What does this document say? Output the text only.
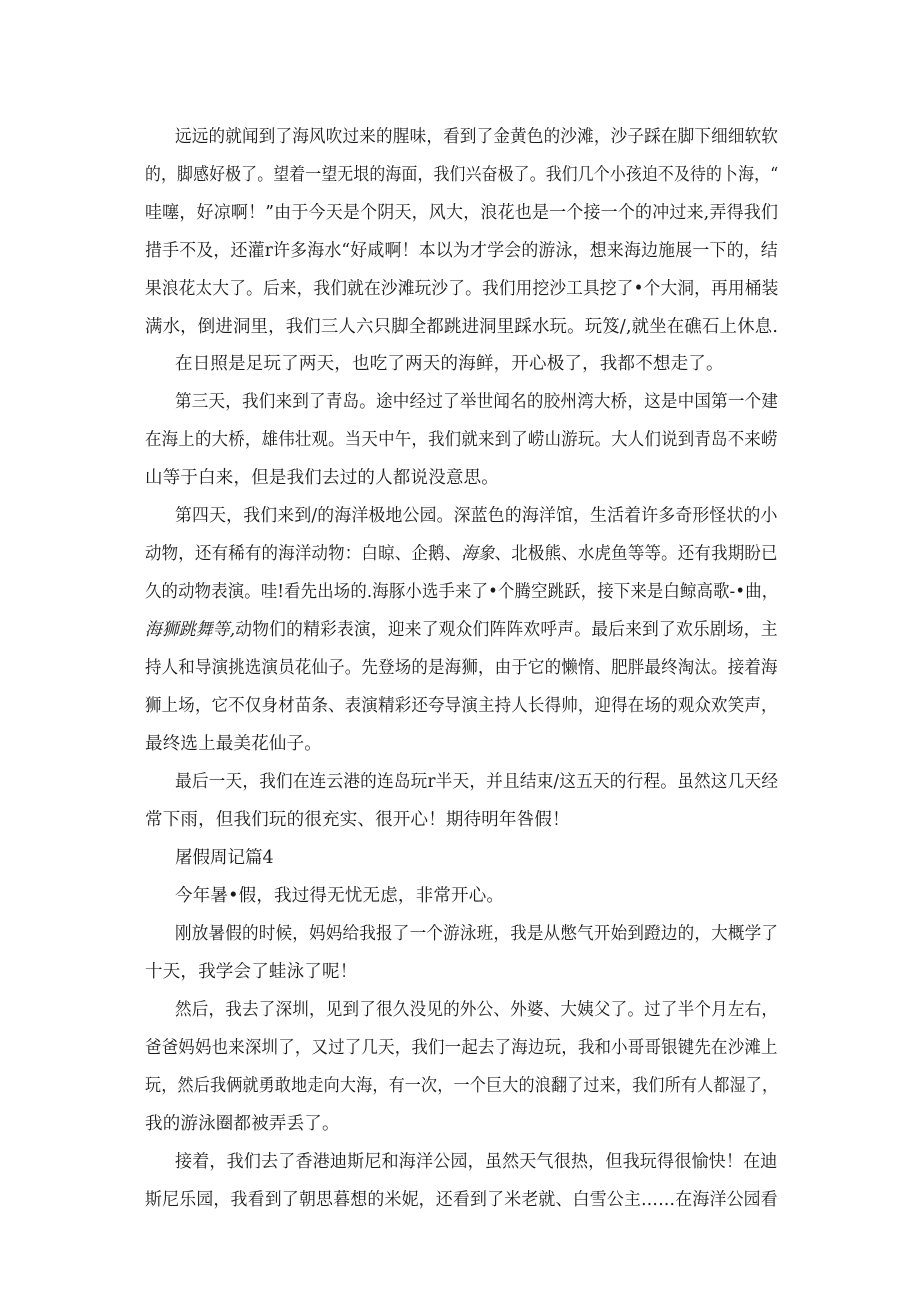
远远的就闻到了海风吹过来的腥味，看到了金黄色的沙滩，沙子踩在脚下细细软软
的，脚感好极了。望着一望无垠的海面，我们兴奋极了。我们几个小孩迫不及待的卜海，“
哇噻，好凉啊！”由于今天是个阴天，风大，浪花也是一个接一个的冲过来,弄得我们
措手不及，还灌r许多海水“好咸啊！本以为才学会的游泳，想来海边施展一下的，结
果浪花太大了。后来，我们就在沙滩玩沙了。我们用挖沙工具挖了•个大洞，再用桶装
满水，倒进洞里，我们三人六只脚全都跳进洞里踩水玩。玩笈/,就坐在礁石上休息.
在日照是足玩了两天，也吃了两天的海鲜，开心极了，我都不想走了。
第三天，我们来到了青岛。途中经过了举世闻名的胶州湾大桥，这是中国第一个建
在海上的大桥，雄伟壮观。当天中午，我们就来到了崂山游玩。大人们说到青岛不来崂
山等于白来，但是我们去过的人都说没意思。
第四天，我们来到/的海洋极地公园。深蓝色的海洋馆，生活着许多奇形怪状的小
动物，还有稀有的海洋动物：白晾、企鹅、海象、北极熊、水虎鱼等等。还有我期盼已
久的动物表演。哇!看先出场的.海豚小选手来了•个腾空跳跃，接下来是白鲸高歌-•曲，
海狮跳舞等,动物们的精彩表演，迎来了观众们阵阵欢呼声。最后来到了欢乐剧场，主
持人和导演挑选演员花仙子。先登场的是海狮，由于它的懒惰、肥胖最终淘汰。接着海
狮上场，它不仅身材苗条、表演精彩还夸导演主持人长得帅，迎得在场的观众欢笑声，
最终选上最美花仙子。
最后一天，我们在连云港的连岛玩r半天，并且结束/这五天的行程。虽然这几天经
常下雨，但我们玩的很充实、很开心！期待明年咎假！
屠假周记篇4
今年暑•假，我过得无忧无虑，非常开心。
刚放暑假的时候，妈妈给我报了一个游泳班，我是从憋气开始到蹬边的，大概学了
十天，我学会了蛙泳了呢！
然后，我去了深圳，见到了很久没见的外公、外婆、大姨父了。过了半个月左右，
爸爸妈妈也来深圳了，又过了几天，我们一起去了海边玩，我和小哥哥银键先在沙滩上
玩，然后我俩就勇敢地走向大海，有一次，一个巨大的浪翻了过来，我们所有人都湿了，
我的游泳圈都被弄丢了。
接着，我们去了香港迪斯尼和海洋公园，虽然天气很热，但我玩得很愉快！在迪
斯尼乐园，我看到了朝思暮想的米妮，还看到了米老就、白雪公主……在海洋公园看
